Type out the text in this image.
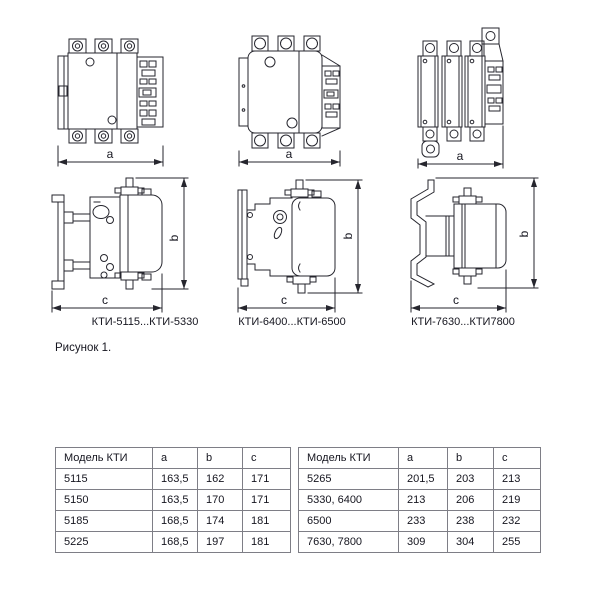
a	a	a
b
c
b
c
b
c
КТИ-5115...КТИ-5330	КТИ-6400...КТИ-6500	КТИ-7630...КТИ7800
Рисунок 1.
Модель КТИ	a	b	c
5115	163,5	162	171
5150	163,5	170	171
5185	168,5	174	181
5225	168,5	197	181
Модель КТИ	a	b	c
5265	201,5	203	213
5330, 6400	213	206	219
6500	233	238	232
7630, 7800	309	304	255
